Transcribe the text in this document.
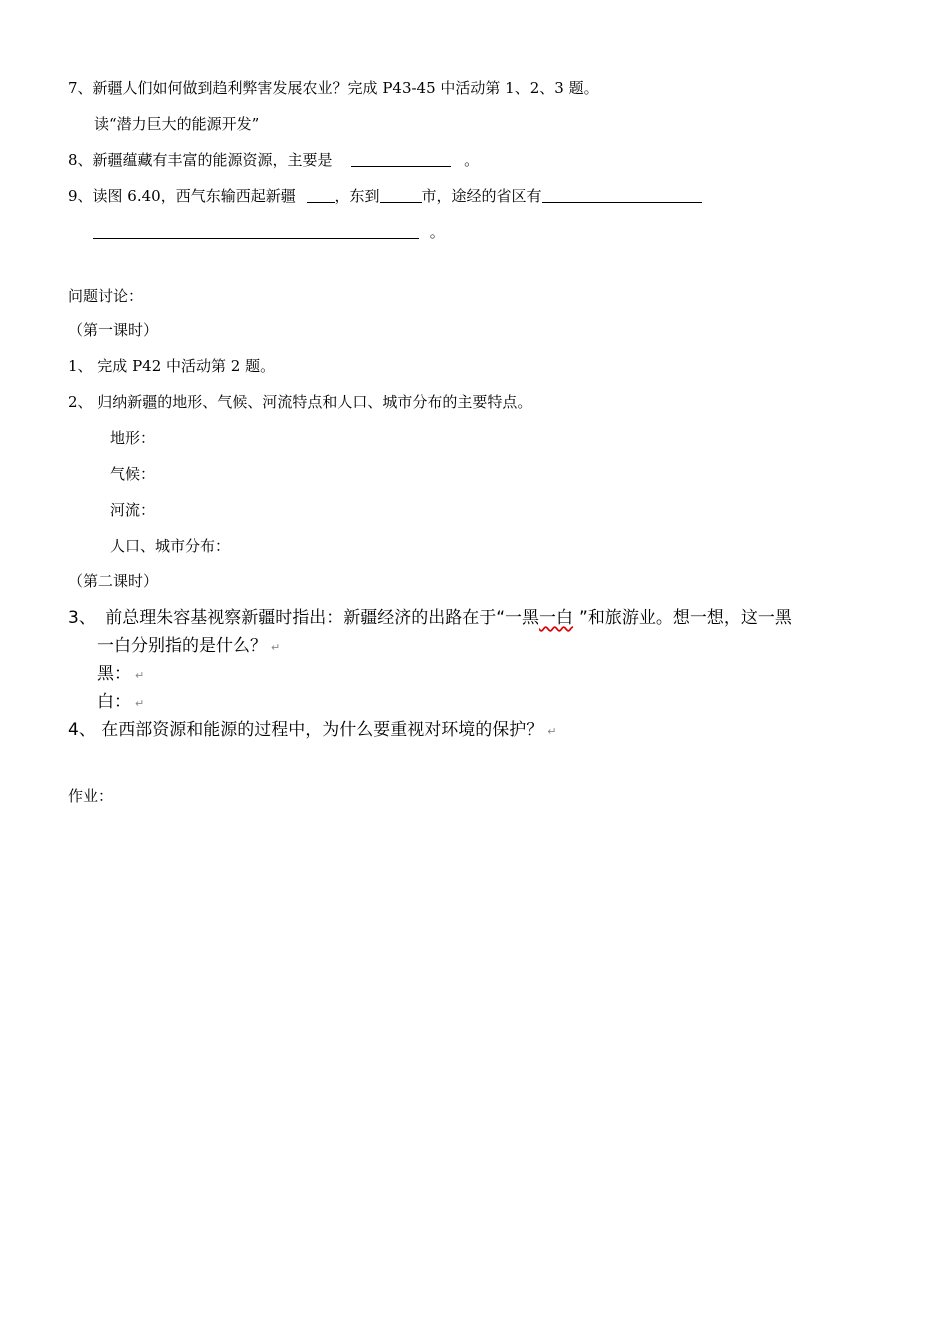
7、新疆人们如何做到趋利弊害发展农业？完成 P43-45 中活动第 1、2、3 题。
读“潜力巨大的能源开发”
8、新疆蕴藏有丰富的能源资源，主要是	。
9、读图 6.40，西气东输西起新疆	，东到	市，途经的省区有
。
问题讨论：
（第一课时）
1、 完成 P42 中活动第 2 题。
2、 归纳新疆的地形、气候、河流特点和人口、城市分布的主要特点。
地形：
气候：
河流：
人口、城市分布：
（第二课时）
3、 前总理朱容基视察新疆时指出：新疆经济的出路在于“一黑一白 ”和旅游业。想一想，这一黑
一白分别指的是什么？ ↵
黑： ↵
白： ↵
4、 在西部资源和能源的过程中，为什么要重视对环境的保护？ ↵
作业：
